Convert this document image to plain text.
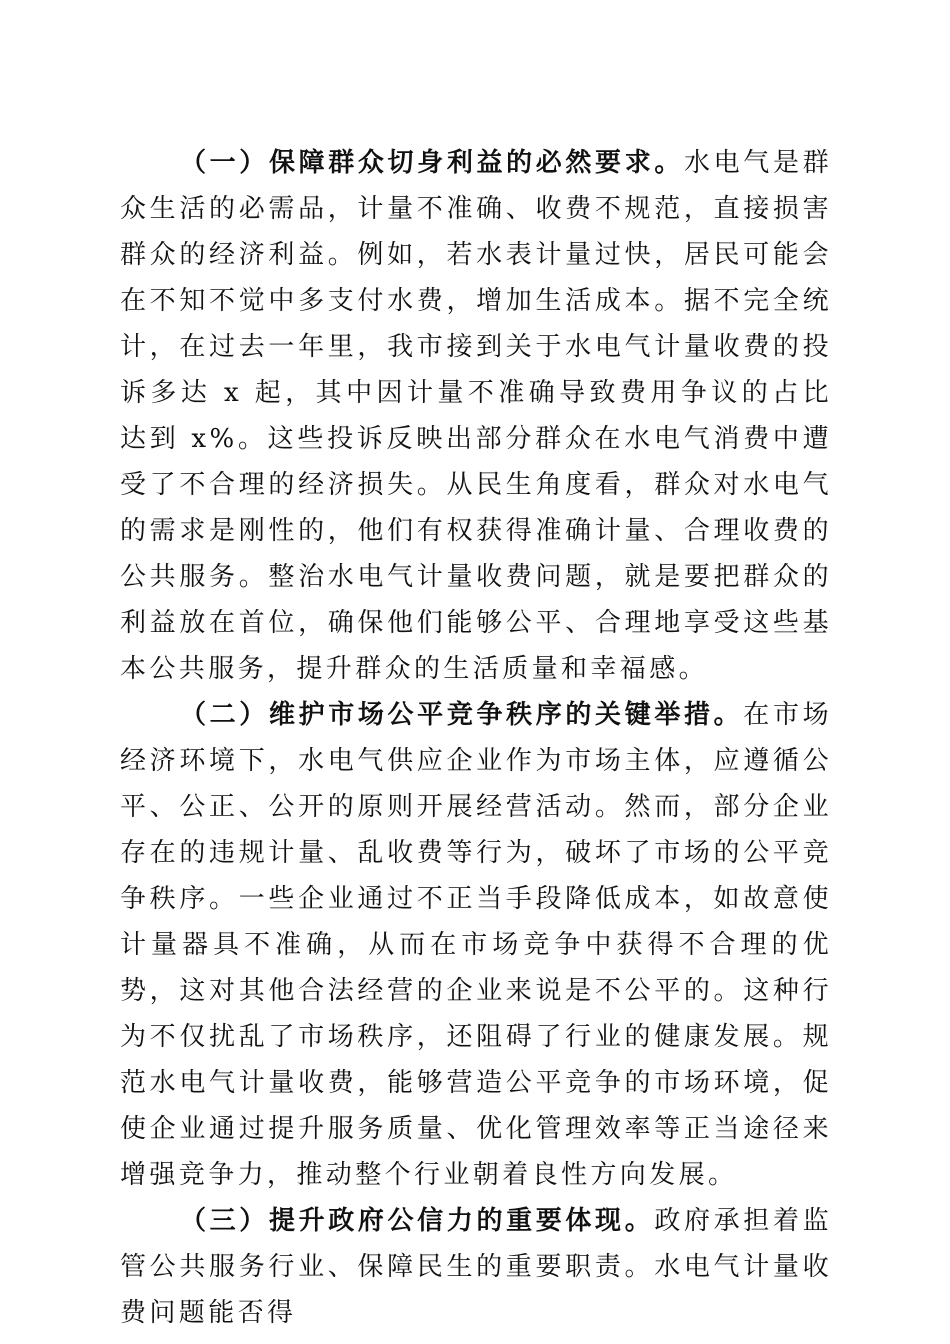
（一）保障群众切身利益的必然要求。水电气是群众生活的必需品，计量不准确、收费不规范，直接损害群众的经济利益。例如，若水表计量过快，居民可能会在不知不觉中多支付水费，增加生活成本。据不完全统计，在过去一年里，我市接到关于水电气计量收费的投诉多达 x 起，其中因计量不准确导致费用争议的占比达到 x%。这些投诉反映出部分群众在水电气消费中遭受了不合理的经济损失。从民生角度看，群众对水电气的需求是刚性的，他们有权获得准确计量、合理收费的公共服务。整治水电气计量收费问题，就是要把群众的利益放在首位，确保他们能够公平、合理地享受这些基本公共服务，提升群众的生活质量和幸福感。

（二）维护市场公平竞争秩序的关键举措。在市场经济环境下，水电气供应企业作为市场主体，应遵循公平、公正、公开的原则开展经营活动。然而，部分企业存在的违规计量、乱收费等行为，破坏了市场的公平竞争秩序。一些企业通过不正当手段降低成本，如故意使计量器具不准确，从而在市场竞争中获得不合理的优势，这对其他合法经营的企业来说是不公平的。这种行为不仅扰乱了市场秩序，还阻碍了行业的健康发展。规范水电气计量收费，能够营造公平竞争的市场环境，促使企业通过提升服务质量、优化管理效率等正当途径来增强竞争力，推动整个行业朝着良性方向发展。

（三）提升政府公信力的重要体现。政府承担着监管公共服务行业、保障民生的重要职责。水电气计量收费问题能否得
